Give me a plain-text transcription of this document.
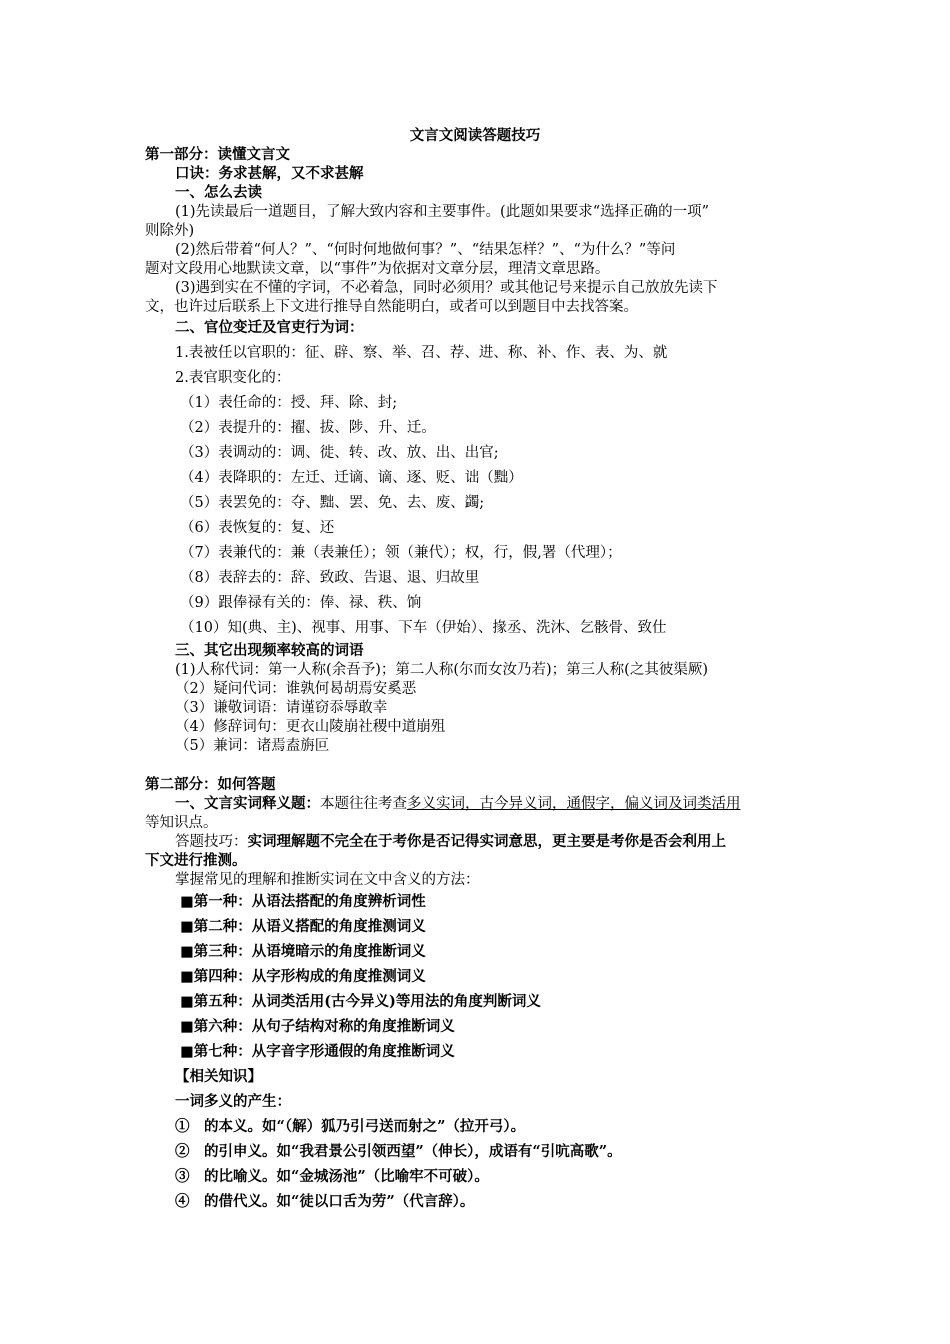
文言文阅读答题技巧
第一部分：读懂文言文
口诀：务求甚解，又不求甚解
一、怎么去读
(1)先读最后一道题目，了解大致内容和主要事件。(此题如果要求“选择正确的一项”
则除外)
(2)然后带着“何人？”、“何时何地做何事？”、“结果怎样？”、“为什么？”等问
题对文段用心地默读文章，以“事件”为依据对文章分层，理清文章思路。
(3)遇到实在不懂的字词，不必着急，同时必须用？或其他记号来提示自己放放先读下
文，也许过后联系上下文进行推导自然能明白，或者可以到题目中去找答案。
二、官位变迁及官吏行为词：
1.表被任以官职的：征、辟、察、举、召、荐、进、称、补、作、表、为、就
2.表官职变化的：
（1）表任命的：授、拜、除、封;
（2）表提升的：擢、拔、陟、升、迁。
（3）表调动的：调、徙、转、改、放、出、出官;
（4）表降职的：左迁、迁谪、谪、逐、贬、诎（黜）
（5）表罢免的：夺、黜、罢、免、去、废、蠲;
（6）表恢复的：复、还
（7）表兼代的：兼（表兼任）；领（兼代）；权，行，假,署（代理）；
（8）表辞去的：辞、致政、告退、退、归故里
（9）跟俸禄有关的：俸、禄、秩、饷
（10）知(典、主)、视事、用事、下车（伊始）、掾丞、洗沐、乞骸骨、致仕
三、其它出现频率较高的词语
(1)人称代词：第一人称(余吾予)；第二人称(尔而女汝乃若)；第三人称(之其彼渠厥)
（2）疑问代词：谁孰何曷胡焉安奚恶
（3）谦敬词语：请谨窃忝辱敢幸
（4）修辞词句：更衣山陵崩社稷中道崩殂
（5）兼词：诸焉盍旃叵
第二部分：如何答题
一、文言实词释义题：本题往往考查多义实词，古今异义词，通假字，偏义词及词类活用
等知识点。
答题技巧：实词理解题不完全在于考你是否记得实词意思，更主要是考你是否会利用上
下文进行推测。
掌握常见的理解和推断实词在文中含义的方法：
■第一种：从语法搭配的角度辨析词性
■第二种：从语义搭配的角度推测词义
■第三种：从语境暗示的角度推断词义
■第四种：从字形构成的角度推测词义
■第五种：从词类活用(古今异义)等用法的角度判断词义
■第六种：从句子结构对称的角度推断词义
■第七种：从字音字形通假的角度推断词义
【相关知识】
一词多义的产生：
①　的本义。如“（解）狐乃引弓送而射之”（拉开弓）。
②　的引申义。如“我君景公引领西望”（伸长），成语有“引吭高歌”。
③　的比喻义。如“金城汤池”（比喻牢不可破）。
④　的借代义。如“徒以口舌为劳”（代言辞）。
